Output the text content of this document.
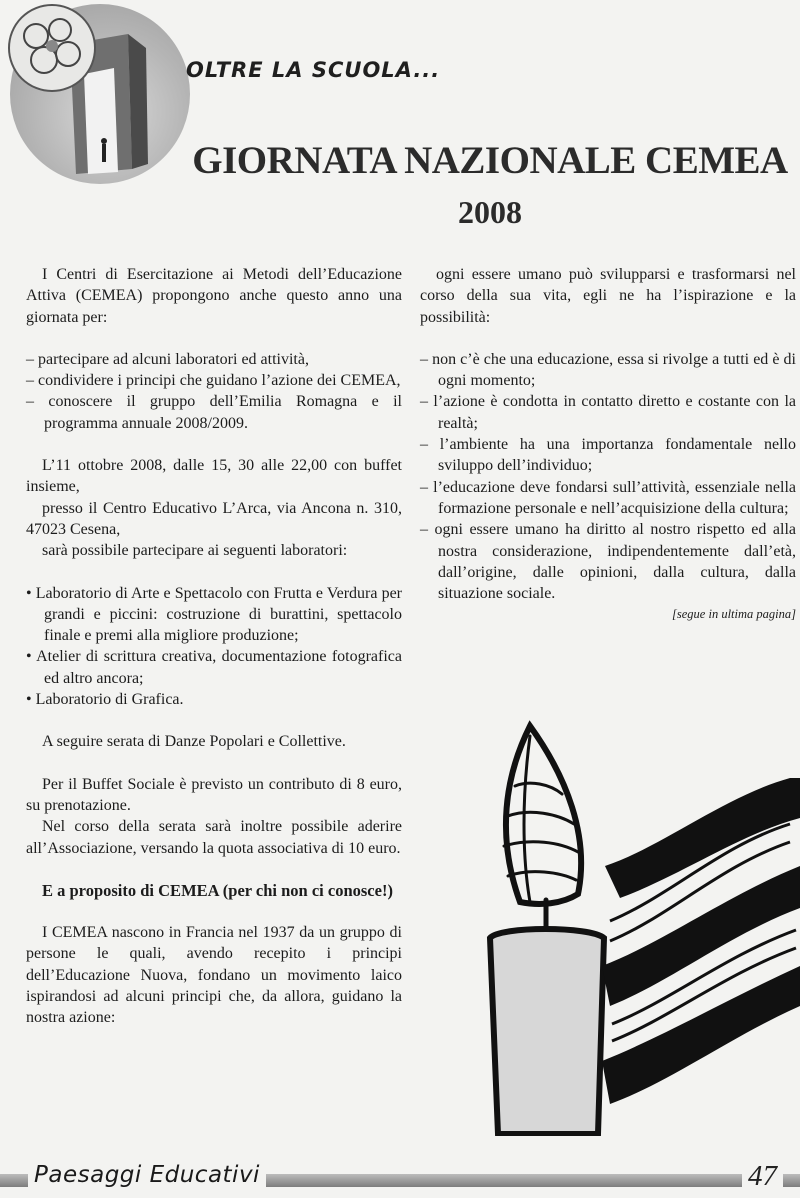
OLTRE LA SCUOLA...
GIORNATA NAZIONALE CEMEA
2008

I Centri di Esercitazione ai Metodi dell’Educazione Attiva (CEMEA) propongono anche questo anno una giornata per:

– partecipare ad alcuni laboratori ed attività,

– condividere i principi che guidano l’azione dei CEMEA,

– conoscere il gruppo dell’Emilia Romagna e il programma annuale 2008/2009.

L’11 ottobre 2008, dalle 15, 30 alle 22,00 con buffet insieme,

presso il Centro Educativo L’Arca, via Ancona n. 310, 47023 Cesena,

sarà possibile partecipare ai seguenti laboratori:

• Laboratorio di Arte e Spettacolo con Frutta e Verdura per grandi e piccini: costruzione di burattini, spettacolo finale e premi alla migliore produzione;

• Atelier di scrittura creativa, documentazione fotografica ed altro ancora;

• Laboratorio di Grafica.

A seguire serata di Danze Popolari e Collettive.

Per il Buffet Sociale è previsto un contributo di 8 euro, su prenotazione.

Nel corso della serata sarà inoltre possibile aderire all’Associazione, versando la quota associativa di 10 euro.

E a proposito di CEMEA (per chi non ci conosce!)

I CEMEA nascono in Francia nel 1937 da un gruppo di persone le quali, avendo recepito i principi dell’Educazione Nuova, fondano un movimento laico ispirandosi ad alcuni principi che, da allora, guidano la nostra azione:

ogni essere umano può svilupparsi e trasformarsi nel corso della sua vita, egli ne ha l’ispirazione e la possibilità:

– non c’è che una educazione, essa si rivolge a tutti ed è di ogni momento;

– l’azione è condotta in contatto diretto e costante con la realtà;

– l’ambiente ha una importanza fondamentale nello sviluppo dell’individuo;

– l’educazione deve fondarsi sull’attività, essenziale nella formazione personale e nell’acquisizione della cultura;

– ogni essere umano ha diritto al nostro rispetto ed alla nostra considerazione, indipendentemente dall’età, dall’origine, dalle opinioni, dalla cultura, dalla situazione sociale.

[segue in ultima pagina]

Paesaggi Educativi	47
